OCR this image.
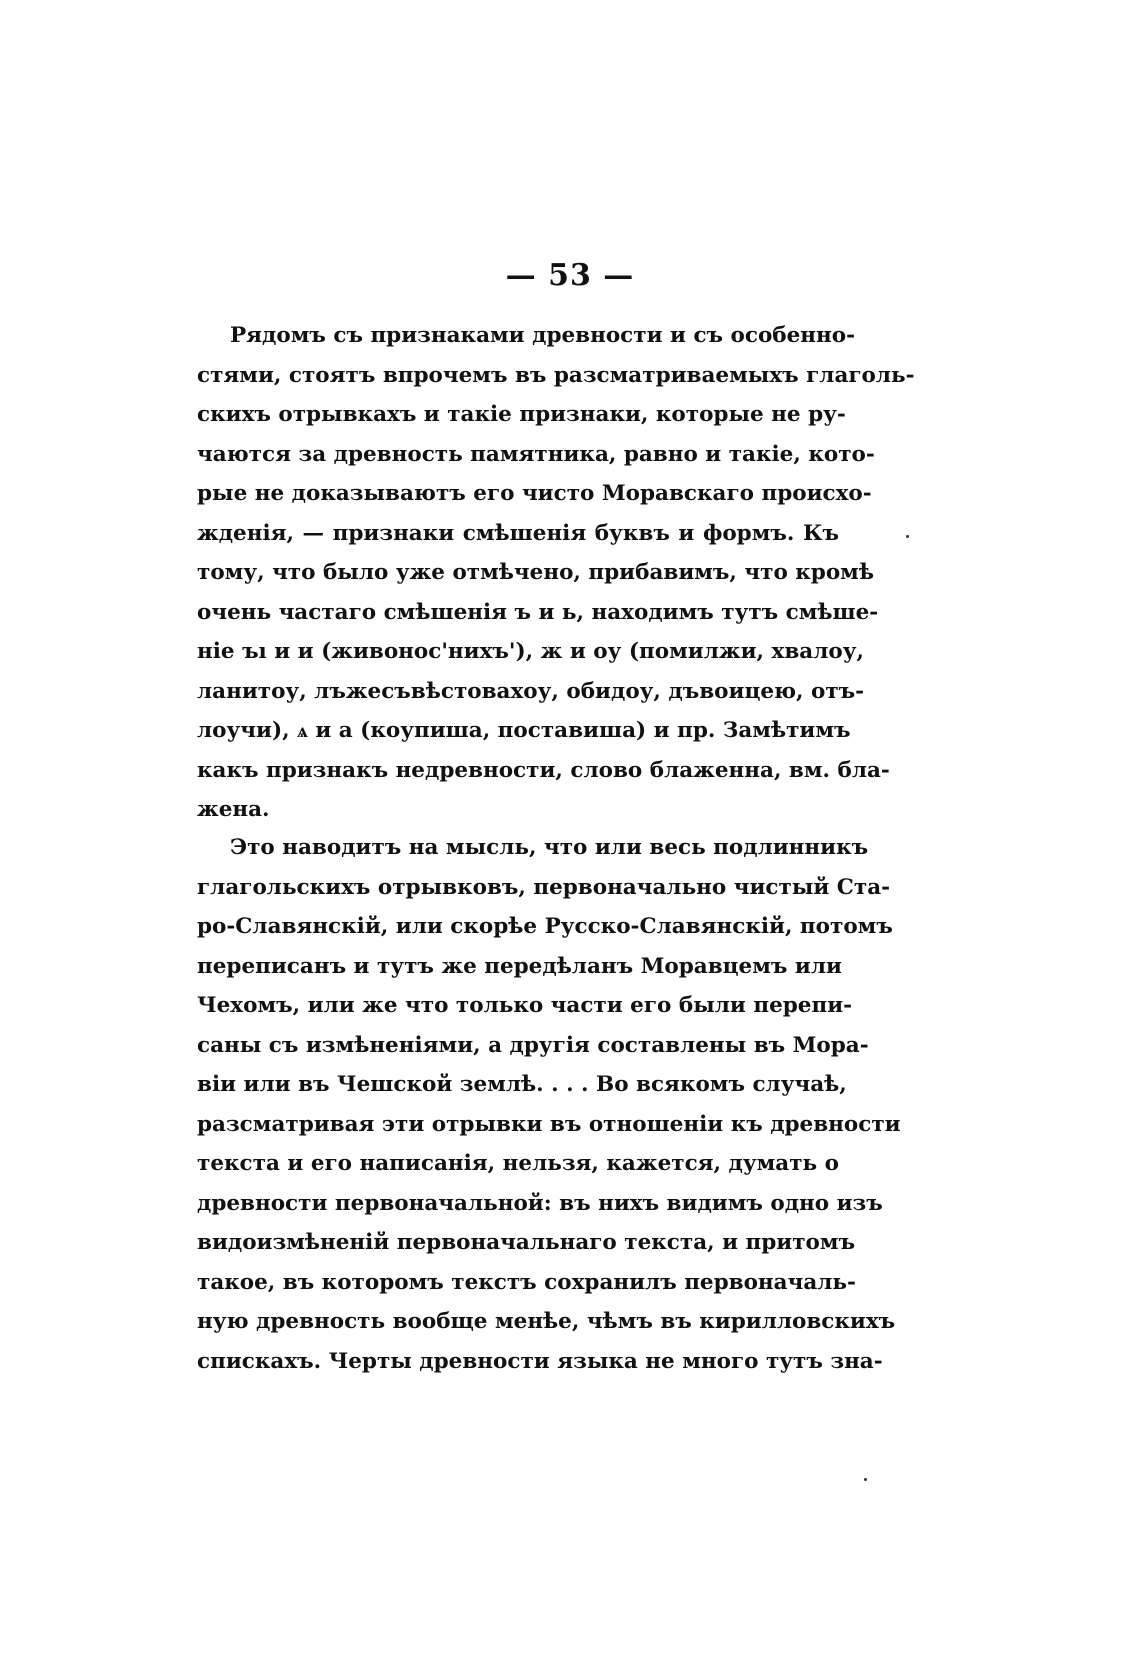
— 53 —
Рядомъ съ признаками древности и съ особенно-
стями, стоятъ впрочемъ въ разсматриваемыхъ глаголь-
скихъ отрывкахъ и такіе признаки, которые не ру-
чаются за древность памятника, равно и такіе, кото-
рые не доказываютъ его чисто Моравскаго происхо-
жденія, — признаки смѣшенія буквъ и формъ. Къ
тому, что было уже отмѣчено, прибавимъ, что кромѣ
очень частаго смѣшенія ъ и ь, находимъ тутъ смѣше-
ніе ъı и и (живонос'нихъ'), ж и оу (помилжи, хвалоу,
ланитоу, лъжесъвѣстовахоу, обидоу, дъвоицею, отъ-
лоучи), ѧ и а (коупиша, поставиша) и пр. Замѣтимъ
какъ признакъ недревности, слово блаженна, вм. бла-
жена.
Это наводитъ на мысль, что или весь подлинникъ
глагольскихъ отрывковъ, первоначально чистый Ста-
ро-Славянскій, или скорѣе Русско-Славянскій, потомъ
переписанъ и тутъ же передѣланъ Моравцемъ или
Чехомъ, или же что только части его были перепи-
саны съ измѣненіями, а другія составлены въ Мора-
віи или въ Чешской землѣ. . . . Во всякомъ случаѣ,
разсматривая эти отрывки въ отношеніи къ древности
текста и его написанія, нельзя, кажется, думать о
древности первоначальной: въ нихъ видимъ одно изъ
видоизмѣненій первоначальнаго текста, и притомъ
такое, въ которомъ текстъ сохранилъ первоначаль-
ную древность вообще менѣе, чѣмъ въ кирилловскихъ
спискахъ. Черты древности языка не много тутъ зна-
